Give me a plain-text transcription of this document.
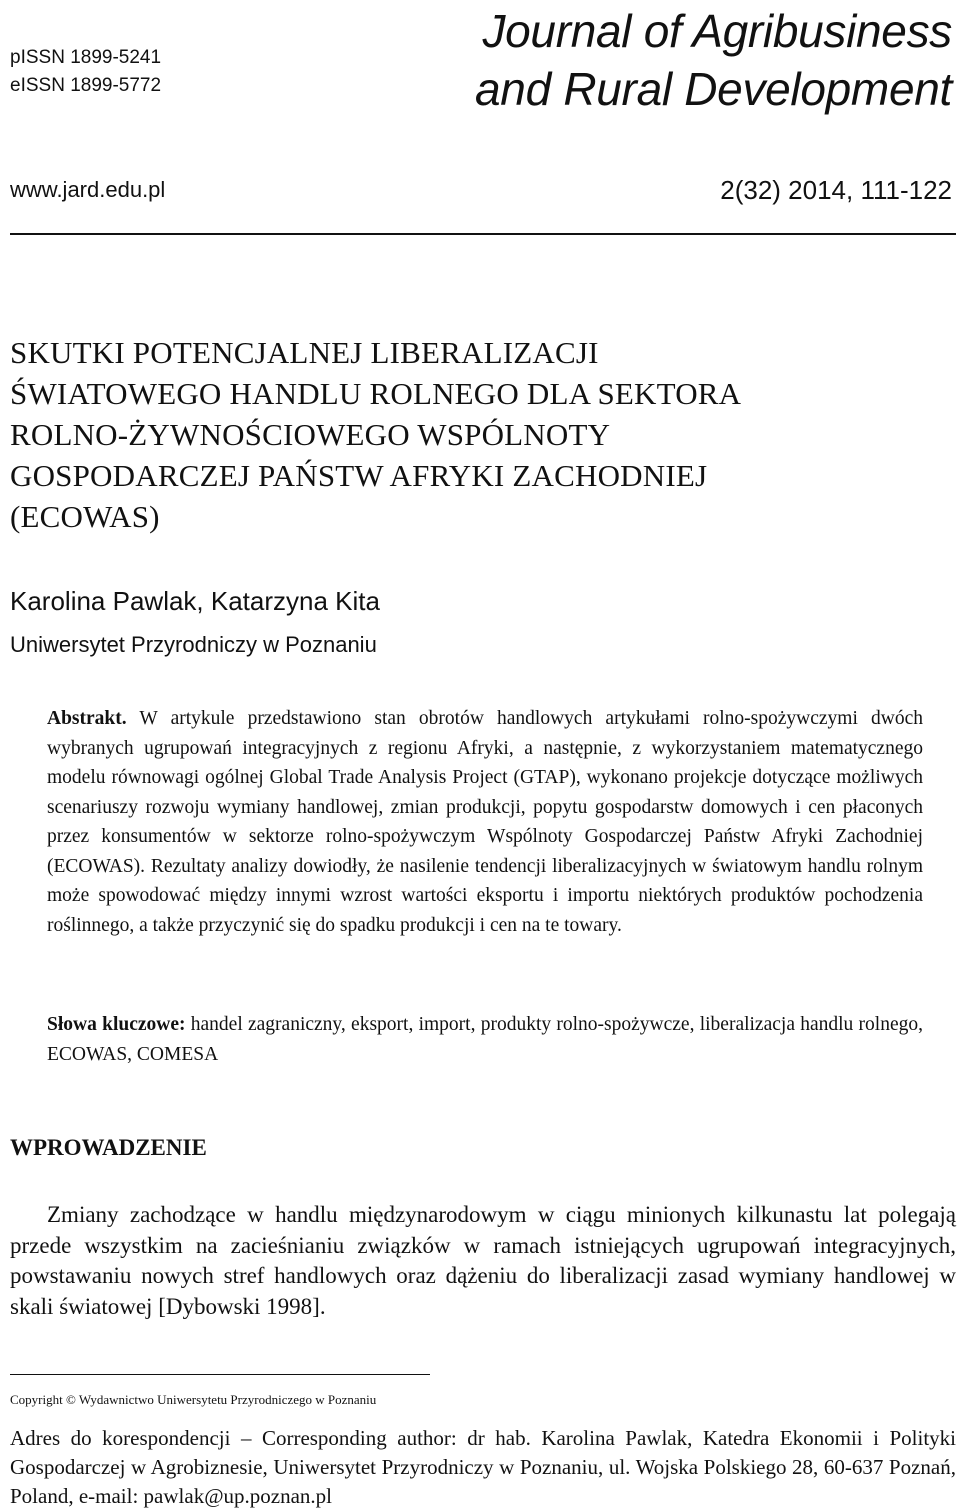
pISSN 1899-5241
eISSN 1899-5772
Journal of Agribusiness
and Rural Development
www.jard.edu.pl	2(32) 2014, 111-122
SKUTKI POTENCJALNEJ LIBERALIZACJI
ŚWIATOWEGO HANDLU ROLNEGO DLA SEKTORA
ROLNO-ŻYWNOŚCIOWEGO WSPÓLNOTY
GOSPODARCZEJ PAŃSTW AFRYKI ZACHODNIEJ
(ECOWAS)
Karolina Pawlak, Katarzyna Kita
Uniwersytet Przyrodniczy w Poznaniu
Abstrakt. W artykule przedstawiono stan obrotów handlowych artykułami rolno-spożywczymi dwóch wybranych ugrupowań integracyjnych z regionu Afryki, a następnie, z wykorzystaniem matematycznego modelu równowagi ogólnej Global Trade Analysis Project (GTAP), wykonano projekcje dotyczące możliwych scenariuszy rozwoju wymiany handlowej, zmian produkcji, popytu gospodarstw domowych i cen płaconych przez konsumentów w sektorze rolno-spożywczym Wspólnoty Gospodarczej Państw Afryki Zachodniej (ECOWAS). Rezultaty analizy dowiodły, że nasilenie tendencji liberalizacyjnych w światowym handlu rolnym może spowodować między innymi wzrost wartości eksportu i importu niektórych produktów pochodzenia roślinnego, a także przyczynić się do spadku produkcji i cen na te towary.
Słowa kluczowe: handel zagraniczny, eksport, import, produkty rolno-spożywcze, liberalizacja handlu rolnego, ECOWAS, COMESA
WPROWADZENIE
Zmiany zachodzące w handlu międzynarodowym w ciągu minionych kilkunastu lat polegają przede wszystkim na zacieśnianiu związków w ramach istniejących ugrupowań integracyjnych, powstawaniu nowych stref handlowych oraz dążeniu do liberalizacji zasad wymiany handlowej w skali światowej [Dybowski 1998].
Copyright © Wydawnictwo Uniwersytetu Przyrodniczego w Poznaniu
Adres do korespondencji – Corresponding author: dr hab. Karolina Pawlak, Katedra Ekonomii i Polityki Gospodarczej w Agrobiznesie, Uniwersytet Przyrodniczy w Poznaniu, ul. Wojska Polskiego 28, 60-637 Poznań, Poland, e-mail: pawlak@up.poznan.pl
